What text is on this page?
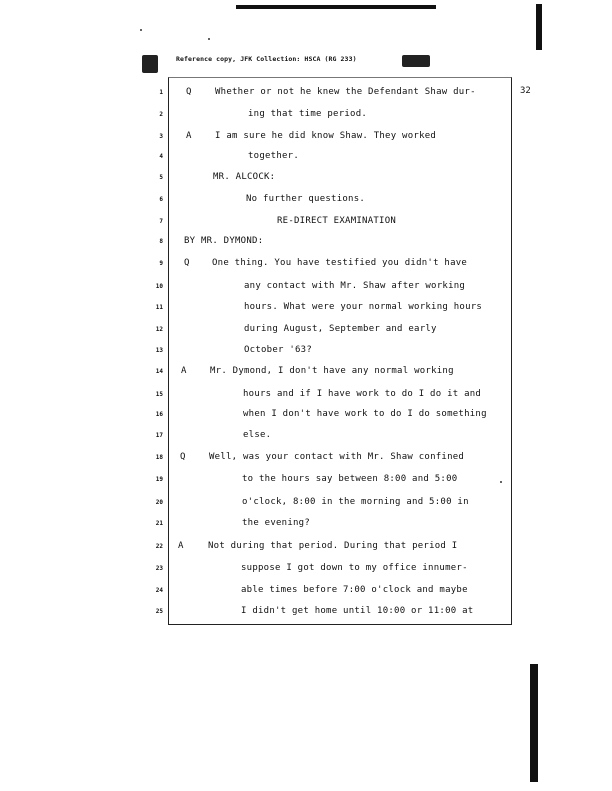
Reference copy, JFK Collection: HSCA (RG 233)
32
1	Q	Whether or not he knew the Defendant Shaw dur-
2	ing that time period.
3	A	I am sure he did know Shaw. They worked
4	together.
5	MR. ALCOCK:
6	No further questions.
7	RE-DIRECT EXAMINATION
8 BY MR. DYMOND:
9 Q	One thing. You have testified you didn't have
10	any contact with Mr. Shaw after working
11	hours. What were your normal working hours
12	during August, September and early
13	October '63?
14 A	Mr. Dymond, I don't have any normal working
15	hours and if I have work to do I do it and
16	when I don't have work to do I do something
17	else.
18 Q	Well, was your contact with Mr. Shaw confined
19	to the hours say between 8:00 and 5:00
20	o'clock, 8:00 in the morning and 5:00 in
21	the evening?
22 A	Not during that period. During that period I
23	suppose I got down to my office innumer-
24	able times before 7:00 o'clock and maybe
25	I didn't get home until 10:00 or 11:00 at
